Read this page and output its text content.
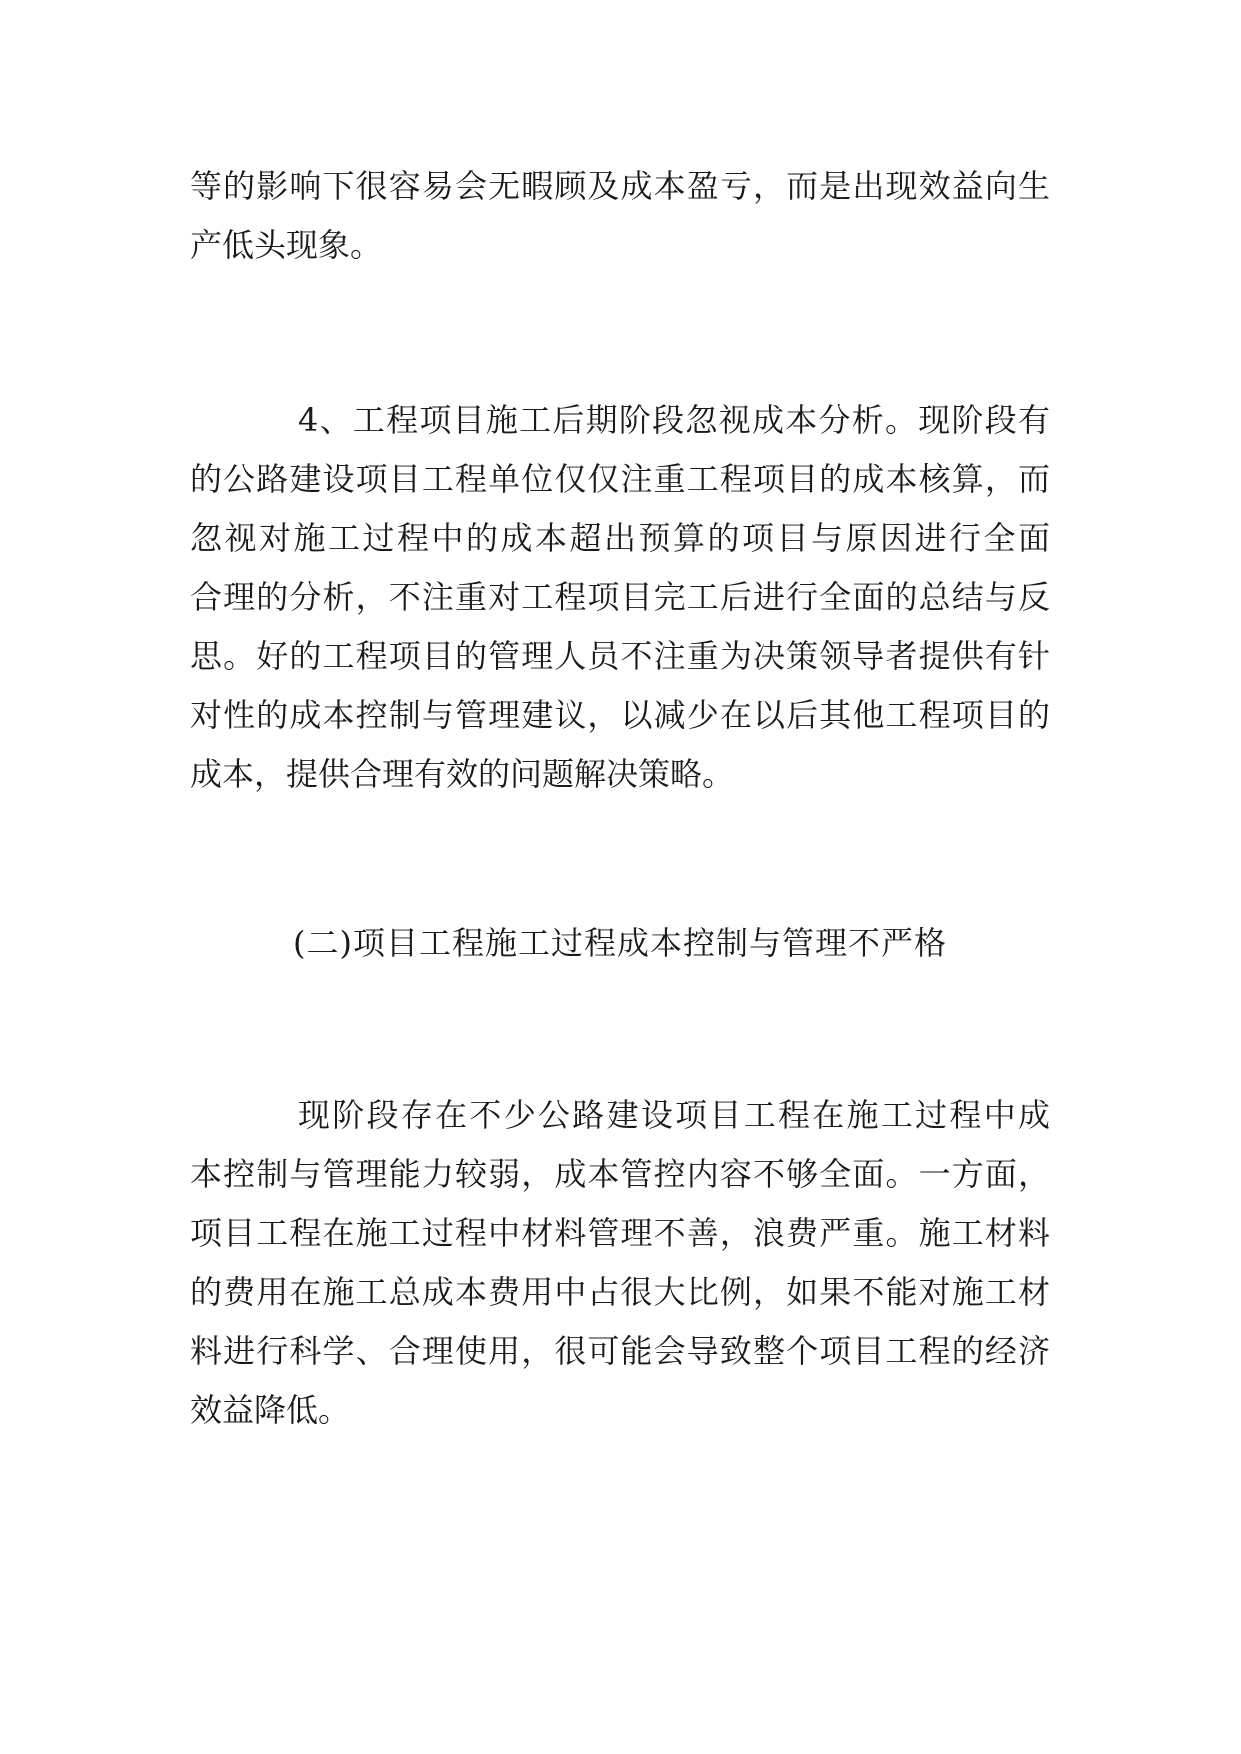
等的影响下很容易会无暇顾及成本盈亏，而是出现效益向生
产低头现象。
4、工程项目施工后期阶段忽视成本分析。现阶段有
的公路建设项目工程单位仅仅注重工程项目的成本核算，而
忽视对施工过程中的成本超出预算的项目与原因进行全面
合理的分析，不注重对工程项目完工后进行全面的总结与反
思。好的工程项目的管理人员不注重为决策领导者提供有针
对性的成本控制与管理建议，以减少在以后其他工程项目的
成本，提供合理有效的问题解决策略。
(二)项目工程施工过程成本控制与管理不严格
现阶段存在不少公路建设项目工程在施工过程中成
本控制与管理能力较弱，成本管控内容不够全面。一方面，
项目工程在施工过程中材料管理不善，浪费严重。施工材料
的费用在施工总成本费用中占很大比例，如果不能对施工材
料进行科学、合理使用，很可能会导致整个项目工程的经济
效益降低。
